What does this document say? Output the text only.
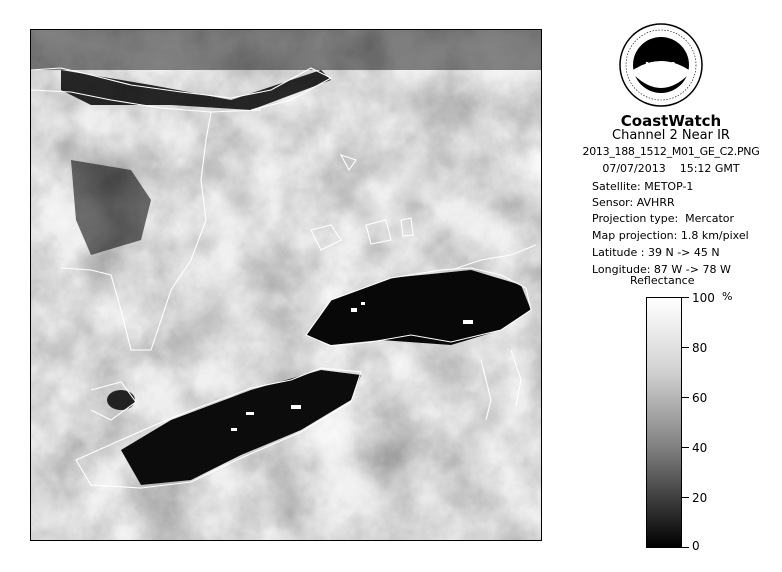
NOAA
CoastWatch
Channel 2 Near IR
2013_188_1512_M01_GE_C2.PNG
07/07/2013    15:12 GMT
Satellite: METOP-1
Sensor: AVHRR
Projection type:  Mercator
Map projection: 1.8 km/pixel
Latitude : 39 N -> 45 N
Longitude: 87 W -> 78 W
Reflectance
%
100
80
60
40
20
0
